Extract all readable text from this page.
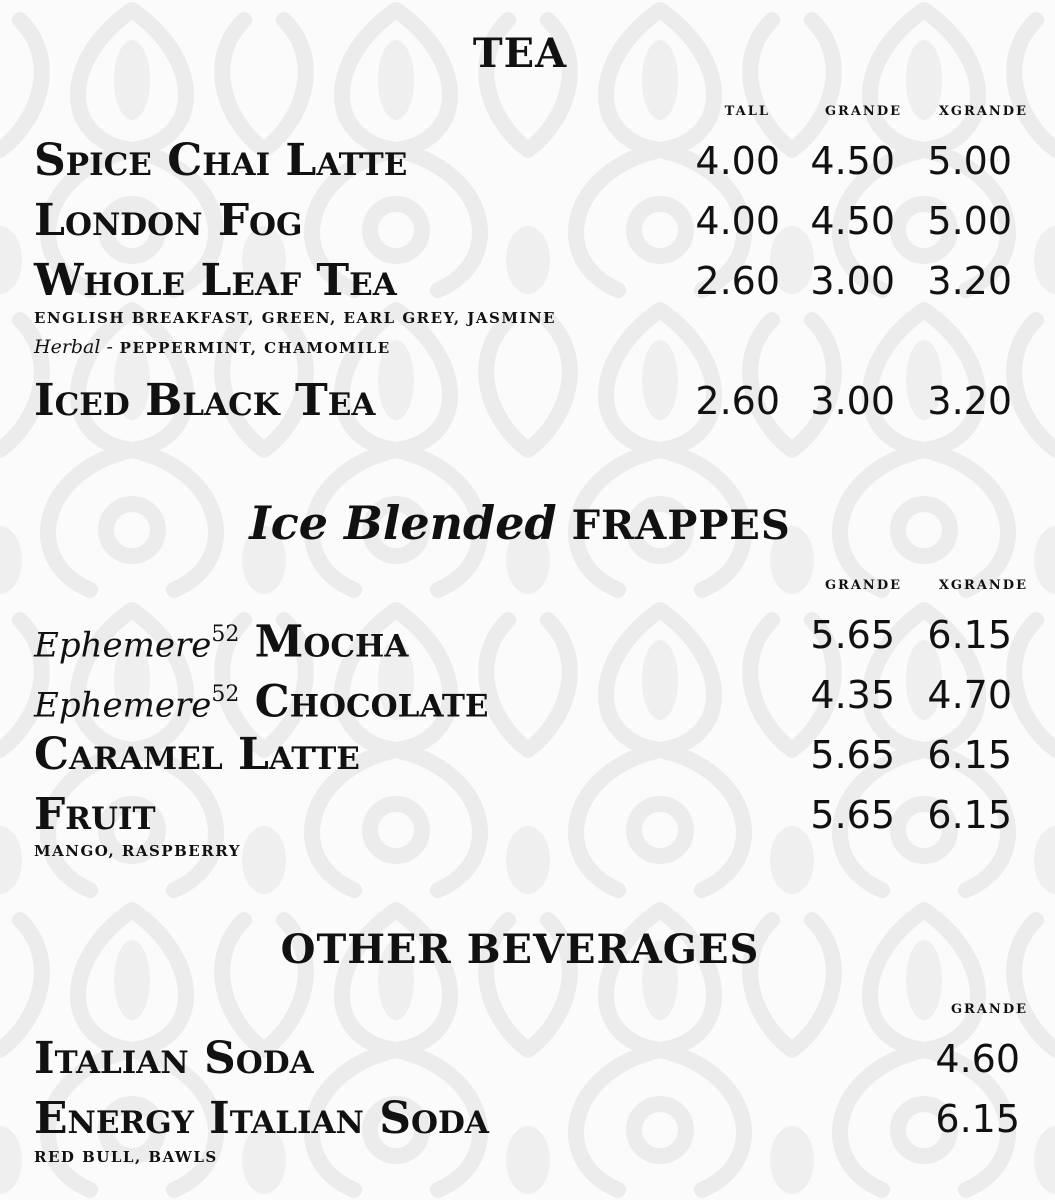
TEA
TALL	GRANDE	XGRANDE
Spice Chai Latte	4.00 4.50 5.00
London Fog	4.00 4.50 5.00
Whole Leaf Tea	2.60 3.00 3.20
ENGLISH BREAKFAST, GREEN, EARL GREY, JASMINE
Herbal - PEPPERMINT, CHAMOMILE
Iced Black Tea	2.60 3.00 3.20
Ice Blended FRAPPES
GRANDE	XGRANDE
Ephemere$^{52}$ Mocha	5.65 6.15
Ephemere$^{52}$ Chocolate	4.35 4.70
Caramel Latte	5.65 6.15
Fruit	5.65 6.15
MANGO, RASPBERRY
OTHER BEVERAGES
GRANDE
Italian Soda	4.60
Energy Italian Soda	6.15
RED BULL, BAWLS
